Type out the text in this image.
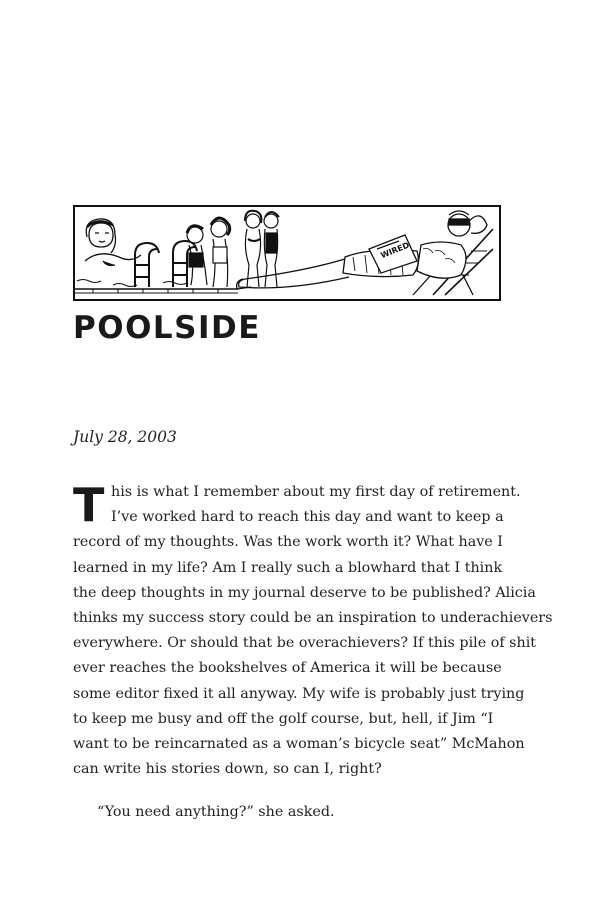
WIRED
POOLSIDE
July 28, 2003
T his is what I remember about my first day of retirement.
I’ve worked hard to reach this day and want to keep a
record of my thoughts. Was the work worth it? What have I
learned in my life? Am I really such a blowhard that I think
the deep thoughts in my journal deserve to be published? Alicia
thinks my success story could be an inspiration to underachievers
everywhere. Or should that be overachievers? If this pile of shit
ever reaches the bookshelves of America it will be because
some editor fixed it all anyway. My wife is probably just trying
to keep me busy and off the golf course, but, hell, if Jim “I
want to be reincarnated as a woman’s bicycle seat” McMahon
can write his stories down, so can I, right?
“You need anything?” she asked.
